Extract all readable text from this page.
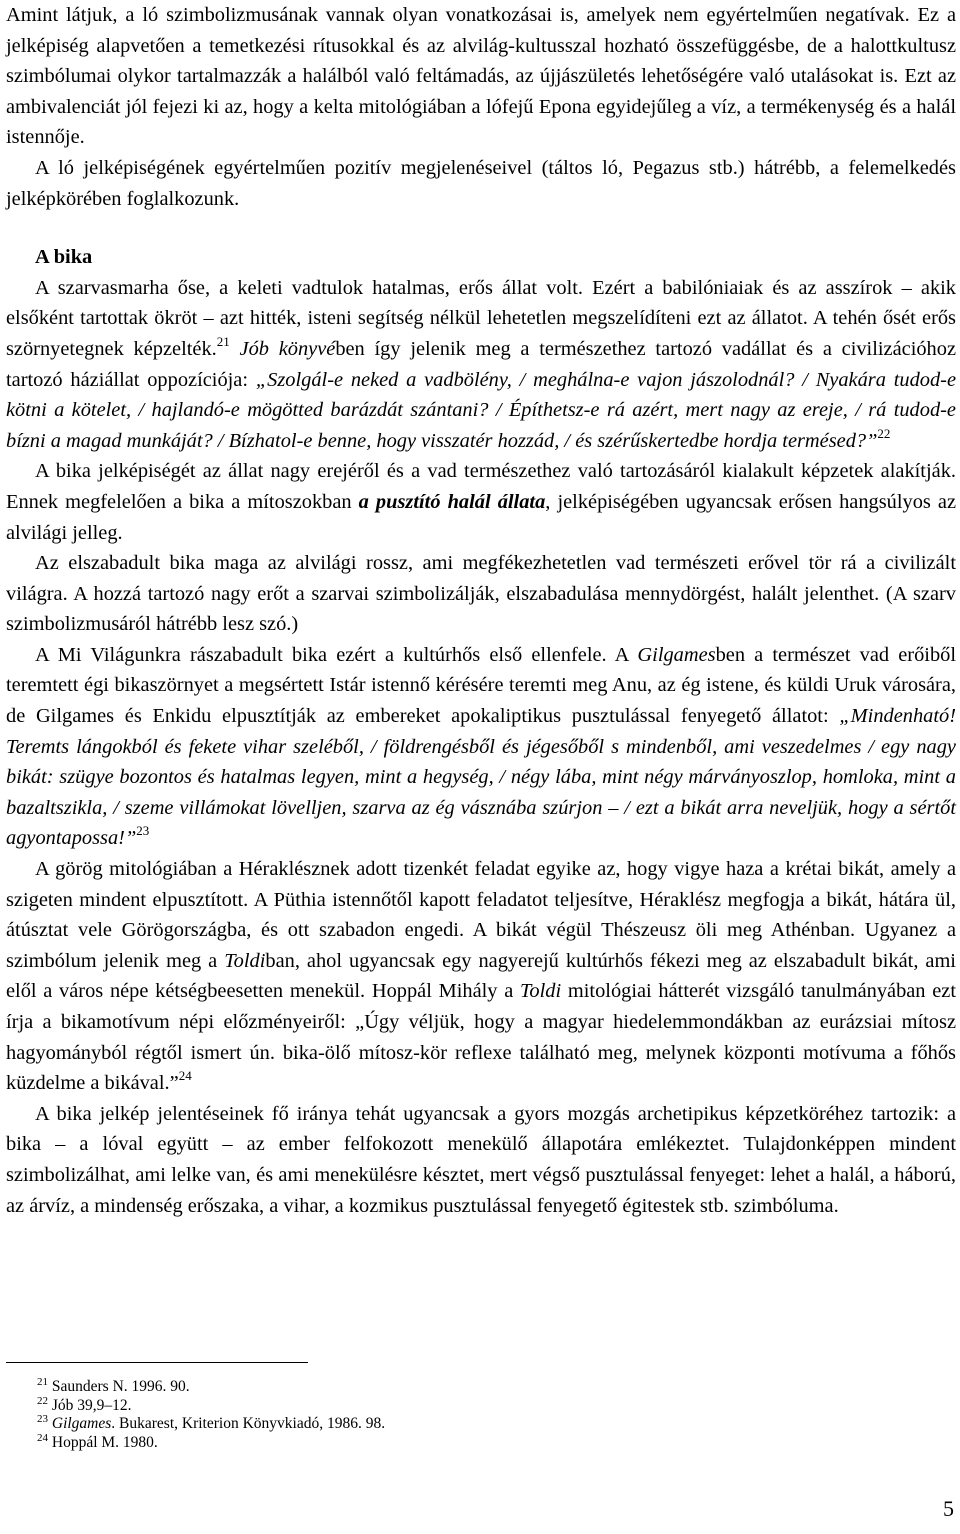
Amint látjuk, a ló szimbolizmusának vannak olyan vonatkozásai is, amelyek nem egyértelműen negatívak. Ez a jelképiség alapvetően a temetkezési rítusokkal és az alvilág-kultusszal hozható összefüggésbe, de a halottkultusz szimbólumai olykor tartalmazzák a halálból való feltámadás, az újjászületés lehetőségére való utalásokat is. Ezt az ambivalenciát jól fejezi ki az, hogy a kelta mitológiában a lófejű Epona egyidejűleg a víz, a termékenység és a halál istennője.

A ló jelképiségének egyértelműen pozitív megjelenéseivel (táltos ló, Pegazus stb.) hátrébb, a felemelkedés jelképkörében foglalkozunk.

A bika

A szarvasmarha őse, a keleti vadtulok hatalmas, erős állat volt. Ezért a babilóniaiak és az asszírok – akik elsőként tartottak ökröt – azt hitték, isteni segítség nélkül lehetetlen megszelídíteni ezt az állatot. A tehén ősét erős szörnyetegnek képzelték.$^{21}$ Jób könyvében így jelenik meg a természethez tartozó vadállat és a civilizációhoz tartozó háziállat oppozíciója: „Szolgál-e neked a vadbölény, / meghálna-e vajon jászolodnál? / Nyakára tudod-e kötni a kötelet, / hajlandó-e mögötted barázdát szántani? / Építhetsz-e rá azért, mert nagy az ereje, / rá tudod-e bízni a magad munkáját? / Bízhatol-e benne, hogy visszatér hozzád, / és szérűskertedbe hordja termésed?”$^{22}$

A bika jelképiségét az állat nagy erejéről és a vad természethez való tartozásáról kialakult képzetek alakítják. Ennek megfelelően a bika a mítoszokban a pusztító halál állata, jelképiségében ugyancsak erősen hangsúlyos az alvilági jelleg.

Az elszabadult bika maga az alvilági rossz, ami megfékezhetetlen vad természeti erővel tör rá a civilizált világra. A hozzá tartozó nagy erőt a szarvai szimbolizálják, elszabadulása mennydörgést, halált jelenthet. (A szarv szimbolizmusáról hátrébb lesz szó.)

A Mi Világunkra rászabadult bika ezért a kultúrhős első ellenfele. A Gilgamesben a természet vad erőiből teremtett égi bikaszörnyet a megsértett Istár istennő kérésére teremti meg Anu, az ég istene, és küldi Uruk városára, de Gilgames és Enkidu elpusztítják az embereket apokaliptikus pusztulással fenyegető állatot: „Mindenható! Teremts lángokból és fekete vihar szeléből, / földrengésből és jégesőből s mindenből, ami veszedelmes / egy nagy bikát: szügye bozontos és hatalmas legyen, mint a hegység, / négy lába, mint négy márványoszlop, homloka, mint a bazaltszikla, / szeme villámokat lövelljen, szarva az ég vásznába szúrjon – / ezt a bikát arra neveljük, hogy a sértőt agyontapossa!”$^{23}$

A görög mitológiában a Héraklésznek adott tizenkét feladat egyike az, hogy vigye haza a krétai bikát, amely a szigeten mindent elpusztított. A Püthia istennőtől kapott feladatot teljesítve, Héraklész megfogja a bikát, hátára ül, átúsztat vele Görögországba, és ott szabadon engedi. A bikát végül Thészeusz öli meg Athénban. Ugyanez a szimbólum jelenik meg a Toldiban, ahol ugyancsak egy nagyerejű kultúrhős fékezi meg az elszabadult bikát, ami elől a város népe kétségbeesetten menekül. Hoppál Mihály a Toldi mitológiai hátterét vizsgáló tanulmányában ezt írja a bikamotívum népi előzményeiről: „Úgy véljük, hogy a magyar hiedelemmondákban az eurázsiai mítosz hagyományból régtől ismert ún. bika-ölő mítosz-kör reflexe található meg, melynek központi motívuma a főhős küzdelme a bikával.”$^{24}$

A bika jelkép jelentéseinek fő iránya tehát ugyancsak a gyors mozgás archetipikus képzetköréhez tartozik: a bika – a lóval együtt – az ember felfokozott menekülő állapotára emlékeztet. Tulajdonképpen mindent szimbolizálhat, ami lelke van, és ami menekülésre késztet, mert végső pusztulással fenyeget: lehet a halál, a háború, az árvíz, a mindenség erőszaka, a vihar, a kozmikus pusztulással fenyegető égitestek stb. szimbóluma.

$^{21}$ Saunders N. 1996. 90.

$^{22}$ Jób 39,9–12.

$^{23}$ Gilgames. Bukarest, Kriterion Könyvkiadó, 1986. 98.

$^{24}$ Hoppál M. 1980.

5
